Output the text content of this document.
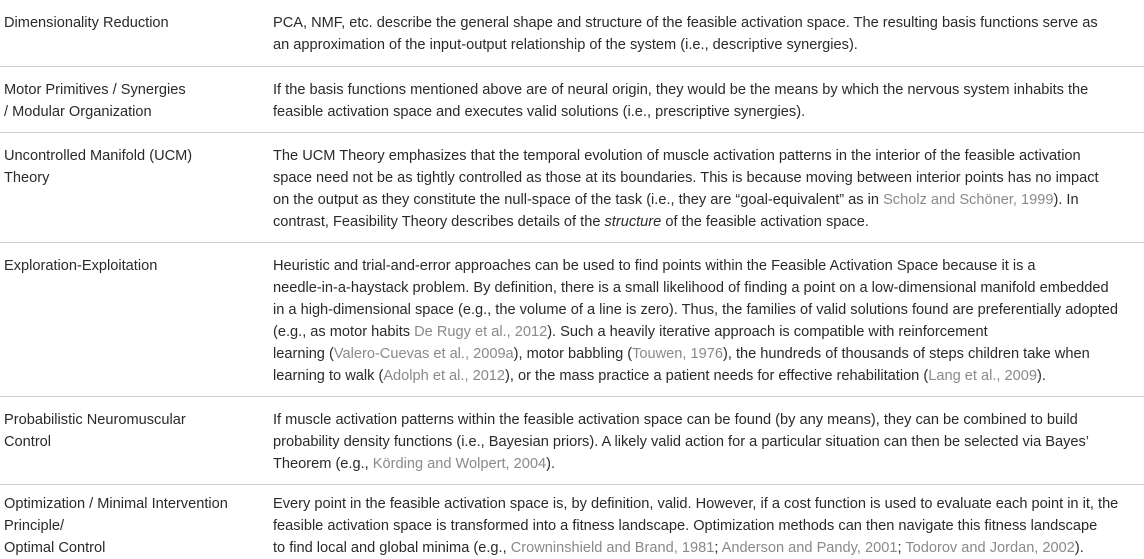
Dimensionality Reduction	PCA, NMF, etc. describe the general shape and structure of the feasible activation space. The resulting basis functions serve as
an approximation of the input-output relationship of the system (i.e., descriptive synergies).
Motor Primitives / Synergies
/ Modular Organization
If the basis functions mentioned above are of neural origin, they would be the means by which the nervous system inhabits the
feasible activation space and executes valid solutions (i.e., prescriptive synergies).
Uncontrolled Manifold (UCM)
Theory
The UCM Theory emphasizes that the temporal evolution of muscle activation patterns in the interior of the feasible activation
space need not be as tightly controlled as those at its boundaries. This is because moving between interior points has no impact
on the output as they constitute the null-space of the task (i.e., they are “goal-equivalent” as in Scholz and Schöner, 1999). In
contrast, Feasibility Theory describes details of the structure of the feasible activation space.
Exploration-Exploitation	Heuristic and trial-and-error approaches can be used to find points within the Feasible Activation Space because it is a
needle-in-a-haystack problem. By definition, there is a small likelihood of finding a point on a low-dimensional manifold embedded
in a high-dimensional space (e.g., the volume of a line is zero). Thus, the families of valid solutions found are preferentially adopted
(e.g., as motor habits De Rugy et al., 2012). Such a heavily iterative approach is compatible with reinforcement
learning (Valero-Cuevas et al., 2009a), motor babbling (Touwen, 1976), the hundreds of thousands of steps children take when
learning to walk (Adolph et al., 2012), or the mass practice a patient needs for effective rehabilitation (Lang et al., 2009).
Probabilistic Neuromuscular
Control
If muscle activation patterns within the feasible activation space can be found (by any means), they can be combined to build
probability density functions (i.e., Bayesian priors). A likely valid action for a particular situation can then be selected via Bayes’
Theorem (e.g., Körding and Wolpert, 2004).
Optimization / Minimal Intervention
Principle/
Optimal Control
Every point in the feasible activation space is, by definition, valid. However, if a cost function is used to evaluate each point in it, the
feasible activation space is transformed into a fitness landscape. Optimization methods can then navigate this fitness landscape
to find local and global minima (e.g., Crowninshield and Brand, 1981; Anderson and Pandy, 2001; Todorov and Jordan, 2002).
